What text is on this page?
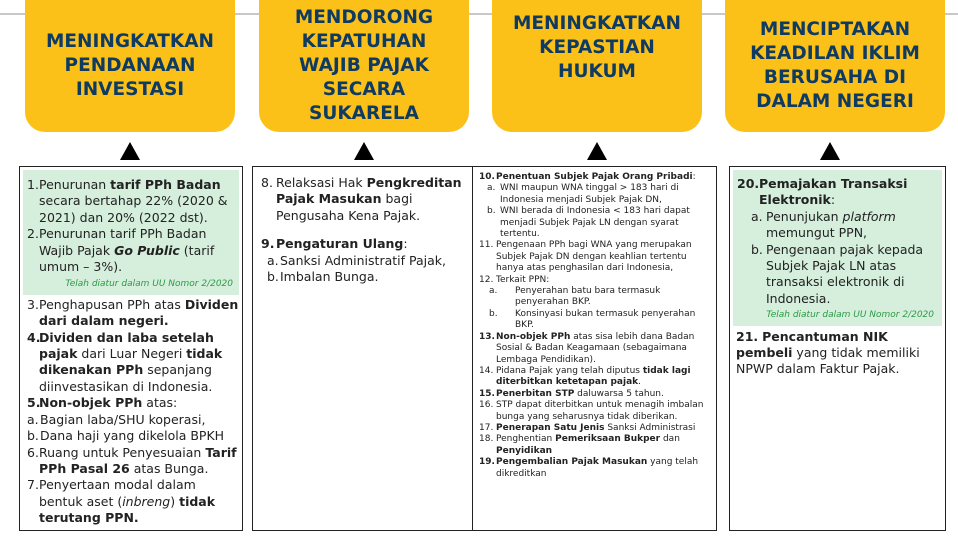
MENINGKATKAN PENDANAAN INVESTASI
MENDORONG KEPATUHAN WAJIB PAJAK SECARA SUKARELA
MENINGKATKAN KEPASTIAN HUKUM
MENCIPTAKAN KEADILAN IKLIM BERUSAHA DI DALAM NEGERI
1. Penurunan tarif PPh Badan secara bertahap 22% (2020 & 2021) dan 20% (2022 dst).
2. Penurunan tarif PPh Badan Wajib Pajak Go Public (tarif umum – 3%).
Telah diatur dalam UU Nomor 2/2020
3. Penghapusan PPh atas Dividen dari dalam negeri.
4.
Dividen dan laba setelah pajak dari Luar Negeri tidak dikenakan PPh sepanjang diinvestasikan di Indonesia.
5.
Non-objek PPh atas:
a. Bagian laba/SHU koperasi,
b. Dana haji yang dikelola BPKH
6. Ruang untuk Penyesuaian Tarif PPh Pasal 26 atas Bunga.
7. Penyertaan modal dalam bentuk aset (inbreng) tidak terutang PPN.
8. Relaksasi Hak Pengkreditan Pajak Masukan bagi Pengusaha Kena Pajak.
9. Pengaturan Ulang:
a. Sanksi Administratif Pajak,
b. Imbalan Bunga.
10. Penentuan Subjek Pajak Orang Pribadi:
a. WNI maupun WNA tinggal > 183 hari di Indonesia menjadi Subjek Pajak DN,
b. WNI berada di Indonesia < 183 hari dapat menjadi Subjek Pajak LN dengan syarat tertentu.
11. Pengenaan PPh bagi WNA yang merupakan Subjek Pajak DN dengan keahlian tertentu hanya atas penghasilan dari Indonesia,
12. Terkait PPN:
a.	Penyerahan batu bara termasuk penyerahan BKP.
b.	Konsinyasi bukan termasuk penyerahan BKP.
13. Non-objek PPh atas sisa lebih dana Badan Sosial & Badan Keagamaan (sebagaimana Lembaga Pendidikan).
14. Pidana Pajak yang telah diputus tidak lagi diterbitkan ketetapan pajak.
15. Penerbitan STP daluwarsa 5 tahun.
16. STP dapat diterbitkan untuk menagih imbalan bunga yang seharusnya tidak diberikan.
17. Penerapan Satu Jenis Sanksi Administrasi
18. Penghentian Pemeriksaan Bukper dan Penyidikan
19. Pengembalian Pajak Masukan yang telah dikreditkan
20. Pemajakan Transaksi Elektronik:
a. Penunjukan platform memungut PPN,
b. Pengenaan pajak kepada Subjek Pajak LN atas transaksi elektronik di Indonesia.
Telah diatur dalam UU Nomor 2/2020
21. Pencantuman NIK pembeli yang tidak memiliki NPWP dalam Faktur Pajak.
